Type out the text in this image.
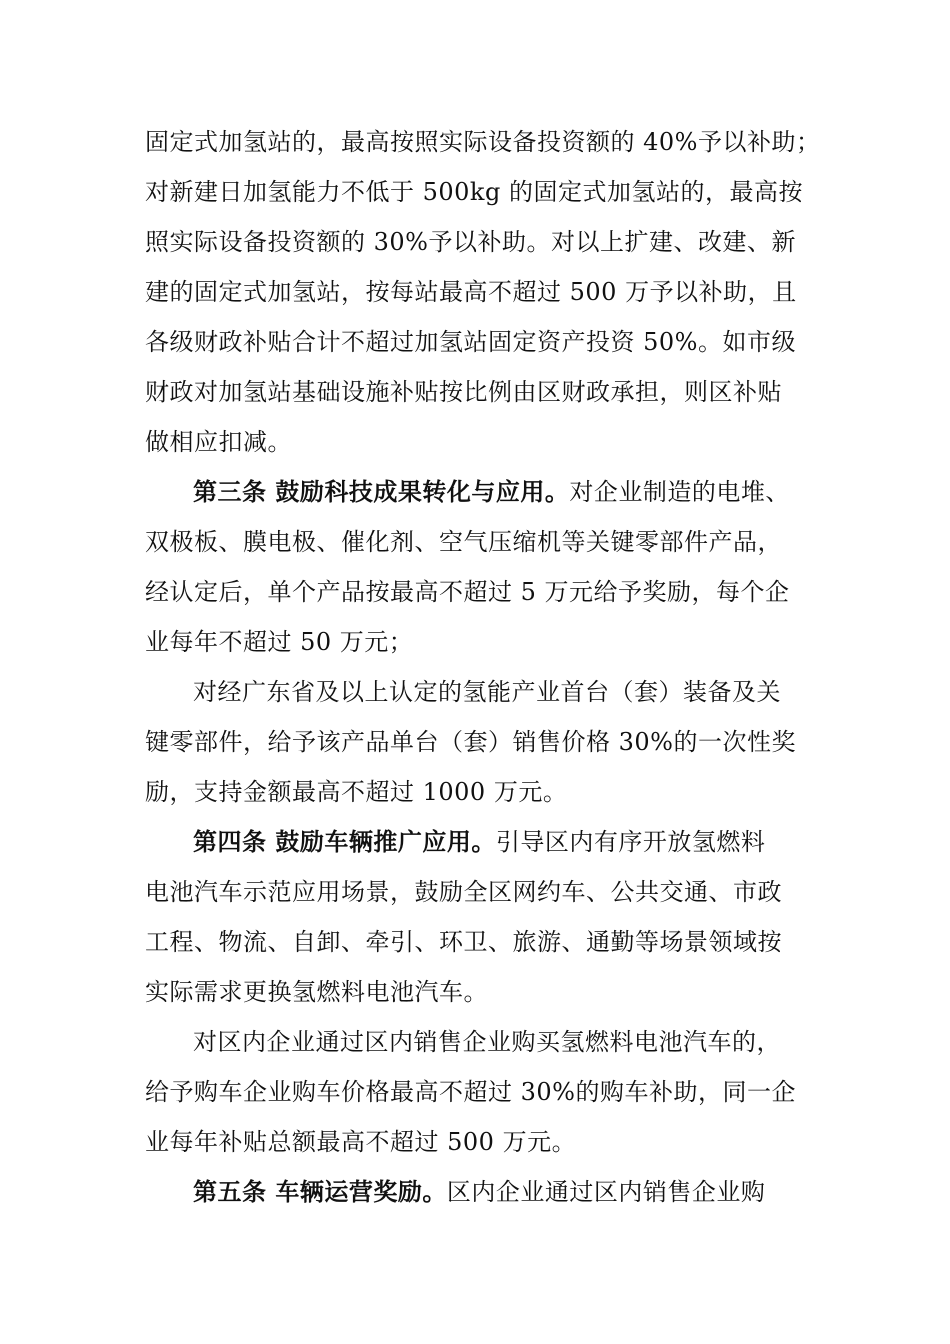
固定式加氢站的，最高按照实际设备投资额的 40%予以补助；
对新建日加氢能力不低于 500kg 的固定式加氢站的，最高按
照实际设备投资额的 30%予以补助。对以上扩建、改建、新
建的固定式加氢站，按每站最高不超过 500 万予以补助，且
各级财政补贴合计不超过加氢站固定资产投资 50%。如市级
财政对加氢站基础设施补贴按比例由区财政承担，则区补贴
做相应扣减。
第三条 鼓励科技成果转化与应用。对企业制造的电堆、
双极板、膜电极、催化剂、空气压缩机等关键零部件产品，
经认定后，单个产品按最高不超过 5 万元给予奖励，每个企
业每年不超过 50 万元；
对经广东省及以上认定的氢能产业首台（套）装备及关
键零部件，给予该产品单台（套）销售价格 30%的一次性奖
励，支持金额最高不超过 1000 万元。
第四条 鼓励车辆推广应用。引导区内有序开放氢燃料
电池汽车示范应用场景，鼓励全区网约车、公共交通、市政
工程、物流、自卸、牵引、环卫、旅游、通勤等场景领域按
实际需求更换氢燃料电池汽车。
对区内企业通过区内销售企业购买氢燃料电池汽车的，
给予购车企业购车价格最高不超过 30%的购车补助，同一企
业每年补贴总额最高不超过 500 万元。
第五条 车辆运营奖励。区内企业通过区内销售企业购
